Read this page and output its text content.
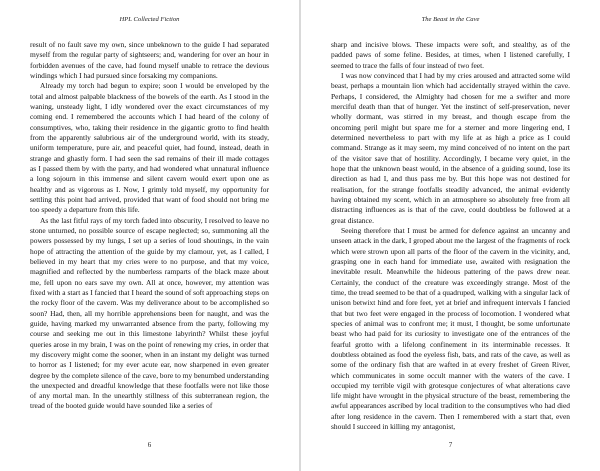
HPL Collected Fiction

result of no fault save my own, since unbeknown to the guide I had separated myself from the regular party of sightseers; and, wandering for over an hour in forbidden avenues of the cave, had found myself unable to retrace the devious windings which I had pursued since forsaking my companions.

Already my torch had begun to expire; soon I would be enveloped by the total and almost palpable blackness of the bowels of the earth. As I stood in the waning, unsteady light, I idly wondered over the exact circumstances of my coming end. I remembered the accounts which I had heard of the colony of consumptives, who, taking their residence in the gigantic grotto to find health from the apparently salubrious air of the underground world, with its steady, uniform temperature, pure air, and peaceful quiet, had found, instead, death in strange and ghastly form. I had seen the sad remains of their ill made cottages as I passed them by with the party, and had wondered what unnatural influence a long sojourn in this immense and silent cavern would exert upon one as healthy and as vigorous as I. Now, I grimly told myself, my opportunity for settling this point had arrived, provided that want of food should not bring me too speedy a departure from this life.

As the last fitful rays of my torch faded into obscurity, I resolved to leave no stone unturned, no possible source of escape neglected; so, summoning all the powers possessed by my lungs, I set up a series of loud shoutings, in the vain hope of attracting the attention of the guide by my clamour, yet, as I called, I believed in my heart that my cries were to no purpose, and that my voice, magnified and reflected by the numberless ramparts of the black maze about me, fell upon no ears save my own. All at once, however, my attention was fixed with a start as I fancied that I heard the sound of soft approaching steps on the rocky floor of the cavern. Was my deliverance about to be accomplished so soon? Had, then, all my horrible apprehensions been for naught, and was the guide, having marked my unwarranted absence from the party, following my course and seeking me out in this limestone labyrinth? Whilst these joyful queries arose in my brain, I was on the point of renewing my cries, in order that my discovery might come the sooner, when in an instant my delight was turned to horror as I listened; for my ever acute ear, now sharpened in even greater degree by the complete silence of the cave, bore to my benumbed understanding the unexpected and dreadful knowledge that these footfalls were not like those of any mortal man. In the unearthly stillness of this subterranean region, the tread of the booted guide would have sounded like a series of

6
The Beast in the Cave

sharp and incisive blows. These impacts were soft, and stealthy, as of the padded paws of some feline. Besides, at times, when I listened carefully, I seemed to trace the falls of four instead of two feet.

I was now convinced that I had by my cries aroused and attracted some wild beast, perhaps a mountain lion which had accidentally strayed within the cave. Perhaps, I considered, the Almighty had chosen for me a swifter and more merciful death than that of hunger. Yet the instinct of self-preservation, never wholly dormant, was stirred in my breast, and though escape from the oncoming peril might but spare me for a sterner and more lingering end, I determined nevertheless to part with my life at as high a price as I could command. Strange as it may seem, my mind conceived of no intent on the part of the visitor save that of hostility. Accordingly, I became very quiet, in the hope that the unknown beast would, in the absence of a guiding sound, lose its direction as had I, and thus pass me by. But this hope was not destined for realisation, for the strange footfalls steadily advanced, the animal evidently having obtained my scent, which in an atmosphere so absolutely free from all distracting influences as is that of the cave, could doubtless be followed at a great distance.

Seeing therefore that I must be armed for defence against an uncanny and unseen attack in the dark, I groped about me the largest of the fragments of rock which were strown upon all parts of the floor of the cavern in the vicinity, and, grasping one in each hand for immediate use, awaited with resignation the inevitable result. Meanwhile the hideous pattering of the paws drew near. Certainly, the conduct of the creature was exceedingly strange. Most of the time, the tread seemed to be that of a quadruped, walking with a singular lack of unison betwixt hind and fore feet, yet at brief and infrequent intervals I fancied that but two feet were engaged in the process of locomotion. I wondered what species of animal was to confront me; it must, I thought, be some unfortunate beast who had paid for its curiosity to investigate one of the entrances of the fearful grotto with a lifelong confinement in its interminable recesses. It doubtless obtained as food the eyeless fish, bats, and rats of the cave, as well as some of the ordinary fish that are wafted in at every freshet of Green River, which communicates in some occult manner with the waters of the cave. I occupied my terrible vigil with grotesque conjectures of what alterations cave life might have wrought in the physical structure of the beast, remembering the awful appearances ascribed by local tradition to the consumptives who had died after long residence in the cavern. Then I remembered with a start that, even should I succeed in killing my antagonist,

7
